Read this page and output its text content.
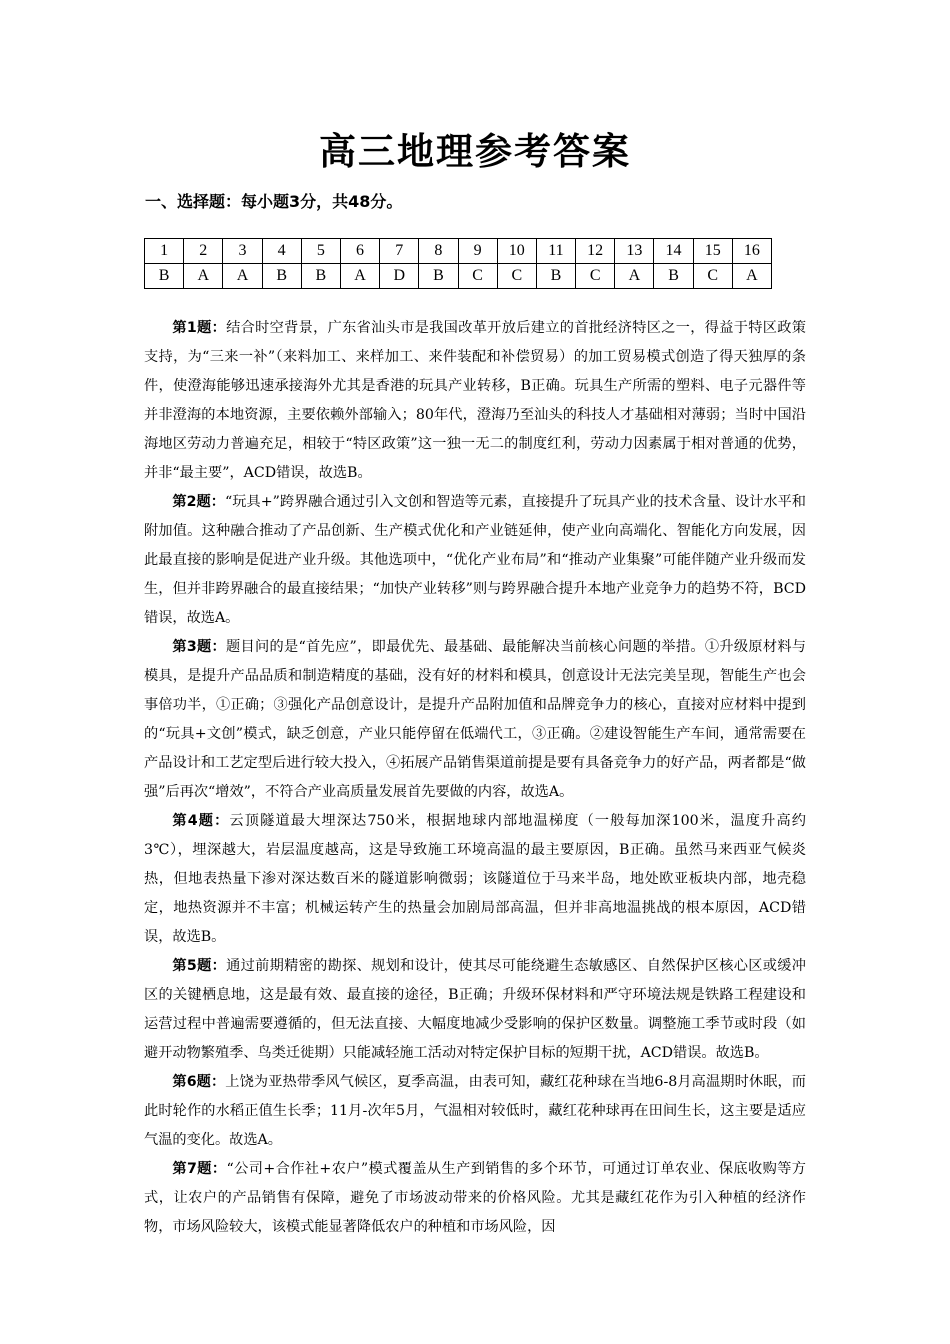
高三地理参考答案
一、选择题：每小题3分，共48分。
1	2	3	4	5	6	7	8	9	10	11	12	13	14	15	16
B	A	A	B	B	A	D	B	C	C	B	C	A	B	C	A

第1题：结合时空背景，广东省汕头市是我国改革开放后建立的首批经济特区之一，得益于特区政策支持，为“三来一补”（来料加工、来样加工、来件装配和补偿贸易）的加工贸易模式创造了得天独厚的条件，使澄海能够迅速承接海外尤其是香港的玩具产业转移，B正确。玩具生产所需的塑料、电子元器件等并非澄海的本地资源，主要依赖外部输入；80年代，澄海乃至汕头的科技人才基础相对薄弱；当时中国沿海地区劳动力普遍充足，相较于“特区政策”这一独一无二的制度红利，劳动力因素属于相对普通的优势，并非“最主要”，ACD错误，故选B。

第2题：“玩具+”跨界融合通过引入文创和智造等元素，直接提升了玩具产业的技术含量、设计水平和附加值。这种融合推动了产品创新、生产模式优化和产业链延伸，使产业向高端化、智能化方向发展，因此最直接的影响是促进产业升级。其他选项中，“优化产业布局”和“推动产业集聚”可能伴随产业升级而发生，但并非跨界融合的最直接结果；“加快产业转移”则与跨界融合提升本地产业竞争力的趋势不符，BCD错误，故选A。

第3题：题目问的是“首先应”，即最优先、最基础、最能解决当前核心问题的举措。①升级原材料与模具，是提升产品品质和制造精度的基础，没有好的材料和模具，创意设计无法完美呈现，智能生产也会事倍功半，①正确；③强化产品创意设计，是提升产品附加值和品牌竞争力的核心，直接对应材料中提到的“玩具+文创”模式，缺乏创意，产业只能停留在低端代工，③正确。②建设智能生产车间，通常需要在产品设计和工艺定型后进行较大投入，④拓展产品销售渠道前提是要有具备竞争力的好产品，两者都是“做强”后再次“增效”，不符合产业高质量发展首先要做的内容，故选A。

第4题：云顶隧道最大埋深达750米，根据地球内部地温梯度（一般每加深100米，温度升高约3℃），埋深越大，岩层温度越高，这是导致施工环境高温的最主要原因，B正确。虽然马来西亚气候炎热，但地表热量下渗对深达数百米的隧道影响微弱；该隧道位于马来半岛，地处欧亚板块内部，地壳稳定，地热资源并不丰富；机械运转产生的热量会加剧局部高温，但并非高地温挑战的根本原因，ACD错误，故选B。

第5题：通过前期精密的勘探、规划和设计，使其尽可能绕避生态敏感区、自然保护区核心区或缓冲区的关键栖息地，这是最有效、最直接的途径，B正确；升级环保材料和严守环境法规是铁路工程建设和运营过程中普遍需要遵循的，但无法直接、大幅度地减少受影响的保护区数量。调整施工季节或时段（如避开动物繁殖季、鸟类迁徙期）只能减轻施工活动对特定保护目标的短期干扰，ACD错误。故选B。

第6题：上饶为亚热带季风气候区，夏季高温，由表可知，藏红花种球在当地6-8月高温期时休眠，而此时轮作的水稻正值生长季；11月-次年5月，气温相对较低时，藏红花种球再在田间生长，这主要是适应气温的变化。故选A。

第7题：“公司+合作社+农户”模式覆盖从生产到销售的多个环节，可通过订单农业、保底收购等方式，让农户的产品销售有保障，避免了市场波动带来的价格风险。尤其是藏红花作为引入种植的经济作物，市场风险较大，该模式能显著降低农户的种植和市场风险，因
